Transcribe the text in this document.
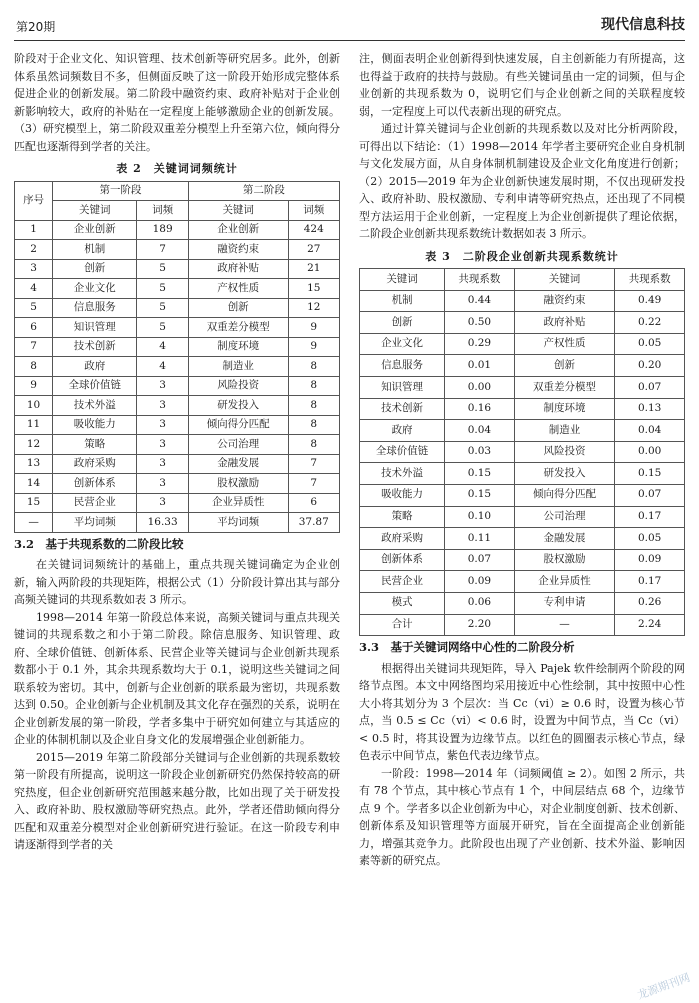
第20期	现代信息科技

阶段对于企业文化、知识管理、技术创新等研究居多。此外，创新体系虽然词频数目不多，但侧面反映了这一阶段开始形成完整体系促进企业的创新发展。第二阶段中融资约束、政府补贴对于企业创新影响较大，政府的补贴在一定程度上能够激励企业的创新发展。（3）研究模型上，第二阶段双重差分模型上升至第六位，倾向得分匹配也逐渐得到学者的关注。

表 2　关键词词频统计
序号	第一阶段		第二阶段	
	关键词	词频	关键词	词频
1	企业创新	189	企业创新	424
2	机制	7	融资约束	27
3	创新	5	政府补贴	21
4	企业文化	5	产权性质	15
5	信息服务	5	创新	12
6	知识管理	5	双重差分模型	9
7	技术创新	4	制度环境	9
8	政府	4	制造业	8
9	全球价值链	3	风险投资	8
10	技术外溢	3	研发投入	8
11	吸收能力	3	倾向得分匹配	8
12	策略	3	公司治理	8
13	政府采购	3	金融发展	7
14	创新体系	3	股权激励	7
15	民营企业	3	企业异质性	6
—	平均词频	16.33	平均词频	37.87
3.2　基于共现系数的二阶段比较

在关键词词频统计的基础上，重点共现关键词确定为企业创新，输入两阶段的共现矩阵，根据公式（1）分阶段计算出其与部分高频关键词的共现系数如表 3 所示。

1998—2014 年第一阶段总体来说，高频关键词与重点共现关键词的共现系数之和小于第二阶段。除信息服务、知识管理、政府、全球价值链、创新体系、民营企业等关键词与企业创新共现系数都小于 0.1 外，其余共现系数均大于 0.1，说明这些关键词之间联系较为密切。其中，创新与企业创新的联系最为密切，共现系数达到 0.50。企业创新与企业机制及其文化存在强烈的关系，说明在企业创新发展的第一阶段，学者多集中于研究如何建立与其适应的企业的体制机制以及企业自身文化的发展增强企业创新能力。

2015—2019 年第二阶段部分关键词与企业创新的共现系数较第一阶段有所提高，说明这一阶段企业创新研究仍然保持较高的研究热度，但企业创新研究范围越来越分散，比如出现了关于研发投入、政府补助、股权激励等研究热点。此外，学者还借助倾向得分匹配和双重差分模型对企业创新研究进行验证。在这一阶段专利申请逐渐得到学者的关

注，侧面表明企业创新得到快速发展，自主创新能力有所提高，这也得益于政府的扶持与鼓励。有些关键词虽由一定的词频，但与企业创新的共现系数为 0，说明它们与企业创新之间的关联程度较弱，一定程度上可以代表新出现的研究点。

通过计算关键词与企业创新的共现系数以及对比分析两阶段，可得出以下结论：（1）1998—2014 年学者主要研究企业自身机制与文化发展方面，从自身体制机制建设及企业文化角度进行创新；（2）2015—2019 年为企业创新快速发展时期，不仅出现研发投入、政府补助、股权激励、专利申请等研究热点，还出现了不同模型方法运用于企业创新，一定程度上为企业创新提供了理论依据，二阶段企业创新共现系数统计数据如表 3 所示。

表 3　二阶段企业创新共现系数统计
关键词	共现系数	关键词	共现系数
机制	0.44	融资约束	0.49
创新	0.50	政府补贴	0.22
企业文化	0.29	产权性质	0.05
信息服务	0.01	创新	0.20
知识管理	0.00	双重差分模型	0.07
技术创新	0.16	制度环境	0.13
政府	0.04	制造业	0.04
全球价值链	0.03	风险投资	0.00
技术外溢	0.15	研发投入	0.15
吸收能力	0.15	倾向得分匹配	0.07
策略	0.10	公司治理	0.17
政府采购	0.11	金融发展	0.05
创新体系	0.07	股权激励	0.09
民营企业	0.09	企业异质性	0.17
模式	0.06	专利申请	0.26
合计	2.20	—	2.24
3.3　基于关键词网络中心性的二阶段分析

根据得出关键词共现矩阵，导入 Pajek 软件绘制两个阶段的网络节点图。本文中网络图均采用接近中心性绘制，其中按照中心性大小将其划分为 3 个层次：当 Cc（vi）≥ 0.6 时，设置为核心节点，当 0.5 ≤ Cc（vi）< 0.6 时，设置为中间节点，当 Cc（vi）< 0.5 时，将其设置为边缘节点。以红色的圆圈表示核心节点，绿色表示中间节点，紫色代表边缘节点。

一阶段：1998—2014 年（词频阈值 ≥ 2）。如图 2 所示，共有 78 个节点，其中核心节点有 1 个，中间层结点 68 个，边缘节点 9 个。学者多以企业创新为中心，对企业制度创新、技术创新、创新体系及知识管理等方面展开研究，旨在全面提高企业创新能力，增强其竞争力。此阶段也出现了产业创新、技术外溢、影响因素等新的研究点。

龙源期刊网
